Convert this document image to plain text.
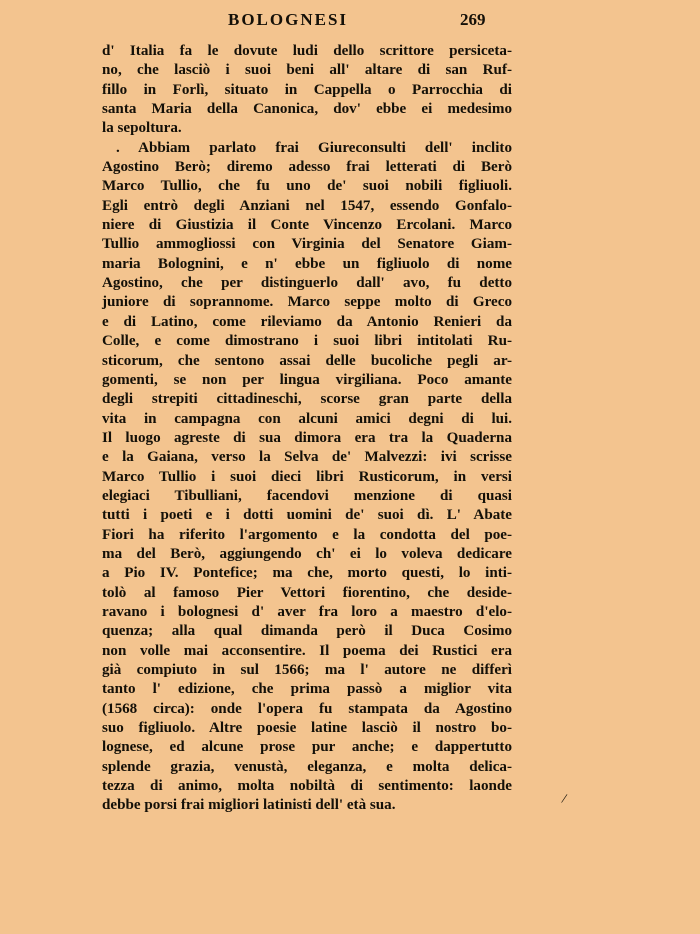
BOLOGNESI	269
d' Italia fa le dovute ludi dello scrittore persiceta-
no, che lasciò i suoi beni all' altare di san Ruf-
fillo in Forlì, situato in Cappella o Parrocchia di
santa Maria della Canonica, dov' ebbe ei medesimo
la sepoltura.
. Abbiam parlato frai Giureconsulti dell' inclito
Agostino Berò; diremo adesso frai letterati di Berò
Marco Tullio, che fu uno de' suoi nobili figliuoli.
Egli entrò degli Anziani nel 1547, essendo Gonfalo-
niere di Giustizia il Conte Vincenzo Ercolani. Marco
Tullio ammogliossi con Virginia del Senatore Giam-
maria Bolognini, e n' ebbe un figliuolo di nome
Agostino, che per distinguerlo dall' avo, fu detto
juniore di soprannome. Marco seppe molto di Greco
e di Latino, come rileviamo da Antonio Renieri da
Colle, e come dimostrano i suoi libri intitolati Ru-
sticorum, che sentono assai delle bucoliche pegli ar-
gomenti, se non per lingua virgiliana. Poco amante
degli strepiti cittadineschi, scorse gran parte della
vita in campagna con alcuni amici degni di lui.
Il luogo agreste di sua dimora era tra la Quaderna
e la Gaiana, verso la Selva de' Malvezzi: ivi scrisse
Marco Tullio i suoi dieci libri Rusticorum, in versi
elegiaci Tibulliani, facendovi menzione di quasi
tutti i poeti e i dotti uomini de' suoi dì. L' Abate
Fiori ha riferito l'argomento e la condotta del poe-
ma del Berò, aggiungendo ch' ei lo voleva dedicare
a Pio IV. Pontefice; ma che, morto questi, lo inti-
tolò al famoso Pier Vettori fiorentino, che deside-
ravano i bolognesi d' aver fra loro a maestro d'elo-
quenza; alla qual dimanda però il Duca Cosimo
non volle mai acconsentire. Il poema dei Rustici era
già compiuto in sul 1566; ma l' autore ne differì
tanto l' edizione, che prima passò a miglior vita
(1568 circa): onde l'opera fu stampata da Agostino
suo figliuolo. Altre poesie latine lasciò il nostro bo-
lognese, ed alcune prose pur anche; e dappertutto
splende grazia, venustà, eleganza, e molta delica-
tezza di animo, molta nobiltà di sentimento: laonde
debbe porsi frai migliori latinisti dell' età sua.	/
